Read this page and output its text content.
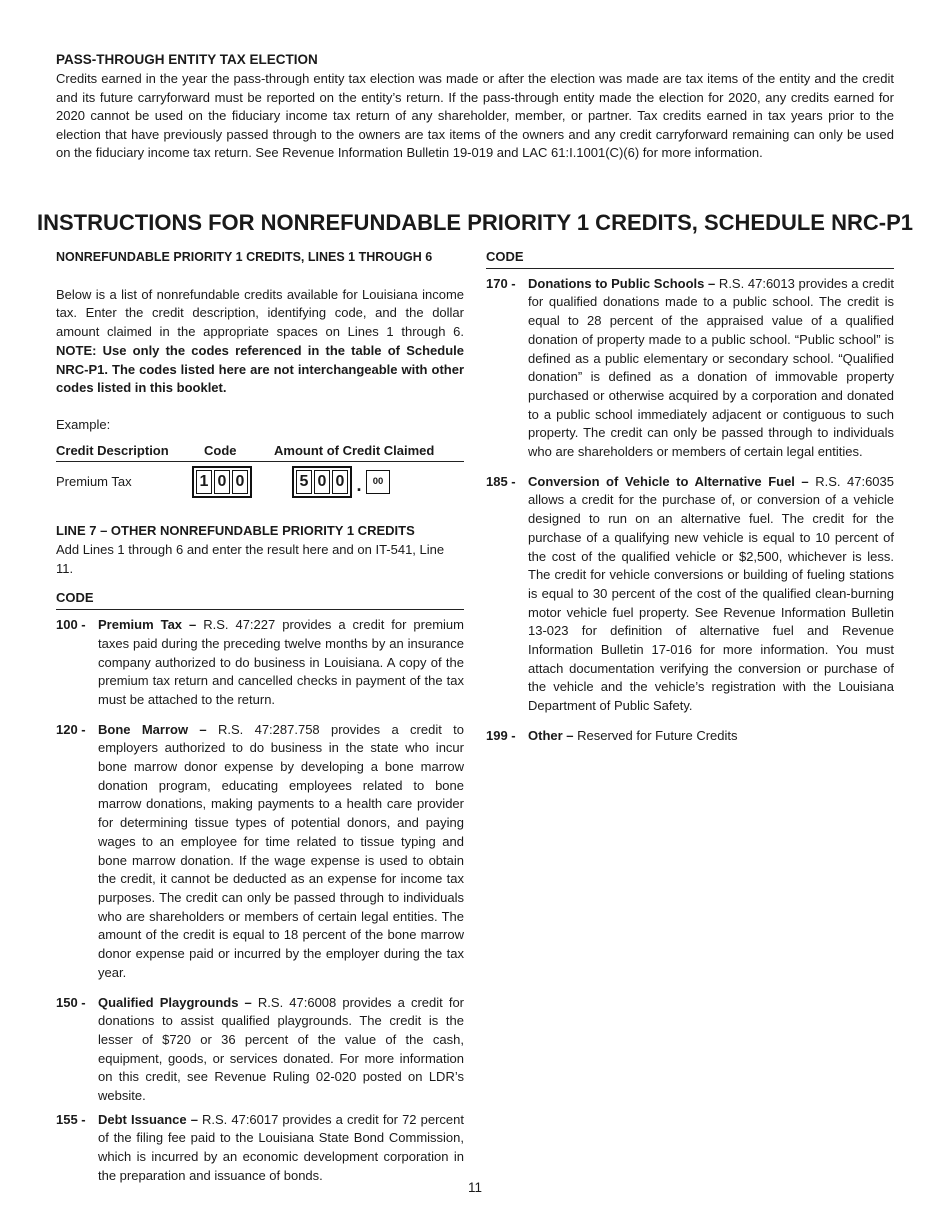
PASS-THROUGH ENTITY TAX ELECTION
Credits earned in the year the pass-through entity tax election was made or after the election was made are tax items of the entity and the credit and its future carryforward must be reported on the entity’s return. If the pass-through entity made the election for 2020, any credits earned for 2020 cannot be used on the fiduciary income tax return of any shareholder, member, or partner. Tax credits earned in tax years prior to the election that have previously passed through to the owners are tax items of the owners and any credit carryforward remaining can only be used on the fiduciary income tax return. See Revenue Information Bulletin 19-019 and LAC 61:I.1001(C)(6) for more information.
INSTRUCTIONS FOR NONREFUNDABLE PRIORITY 1 CREDITS, SCHEDULE NRC-P1
NONREFUNDABLE PRIORITY 1 CREDITS, LINES 1 THROUGH 6
Below is a list of nonrefundable credits available for Louisiana income tax. Enter the credit description, identifying code, and the dollar amount claimed in the appropriate spaces on Lines 1 through 6. NOTE: Use only the codes referenced in the table of Schedule NRC-P1. The codes listed here are not interchangeable with other codes listed in this booklet.
Example:
Credit Description	Code	Amount of Credit Claimed
Premium Tax	1 0 0	5 0 0 .	00
LINE 7 – OTHER NONREFUNDABLE PRIORITY 1 CREDITS
Add Lines 1 through 6 and enter the result here and on IT-541, Line 11.
CODE
100 - Premium Tax – R.S. 47:227 provides a credit for premium taxes paid during the preceding twelve months by an insurance company authorized to do business in Louisiana. A copy of the premium tax return and cancelled checks in payment of the tax must be attached to the return.
120 - Bone Marrow – R.S. 47:287.758 provides a credit to employers authorized to do business in the state who incur bone marrow donor expense by developing a bone marrow donation program, educating employees related to bone marrow donations, making payments to a health care provider for determining tissue types of potential donors, and paying wages to an employee for time related to tissue typing and bone marrow donation. If the wage expense is used to obtain the credit, it cannot be deducted as an expense for income tax purposes. The credit can only be passed through to individuals who are shareholders or members of certain legal entities. The amount of the credit is equal to 18 percent of the bone marrow donor expense paid or incurred by the employer during the tax year.
150 - Qualified Playgrounds – R.S. 47:6008 provides a credit for donations to assist qualified playgrounds. The credit is the lesser of $720 or 36 percent of the value of the cash, equipment, goods, or services donated. For more information on this credit, see Revenue Ruling 02-020 posted on LDR’s website.
155 - Debt Issuance – R.S. 47:6017 provides a credit for 72 percent of the filing fee paid to the Louisiana State Bond Commission, which is incurred by an economic development corporation in the preparation and issuance of bonds.
CODE
170 - Donations to Public Schools – R.S. 47:6013 provides a credit for qualified donations made to a public school. The credit is equal to 28 percent of the appraised value of a qualified donation of property made to a public school. “Public school” is defined as a public elementary or secondary school. “Qualified donation” is defined as a donation of immovable property purchased or otherwise acquired by a corporation and donated to a public school immediately adjacent or contiguous to such property. The credit can only be passed through to individuals who are shareholders or members of certain legal entities.
185 - Conversion of Vehicle to Alternative Fuel – R.S. 47:6035 allows a credit for the purchase of, or conversion of a vehicle designed to run on an alternative fuel. The credit for the purchase of a qualifying new vehicle is equal to 10 percent of the cost of the qualified vehicle or $2,500, whichever is less. The credit for vehicle conversions or building of fueling stations is equal to 30 percent of the cost of the qualified clean-burning motor vehicle fuel property. See Revenue Information Bulletin 13-023 for definition of alternative fuel and Revenue Information Bulletin 17-016 for more information. You must attach documentation verifying the conversion or purchase of the vehicle and the vehicle’s registration with the Louisiana Department of Public Safety.
199 - Other – Reserved for Future Credits
11
